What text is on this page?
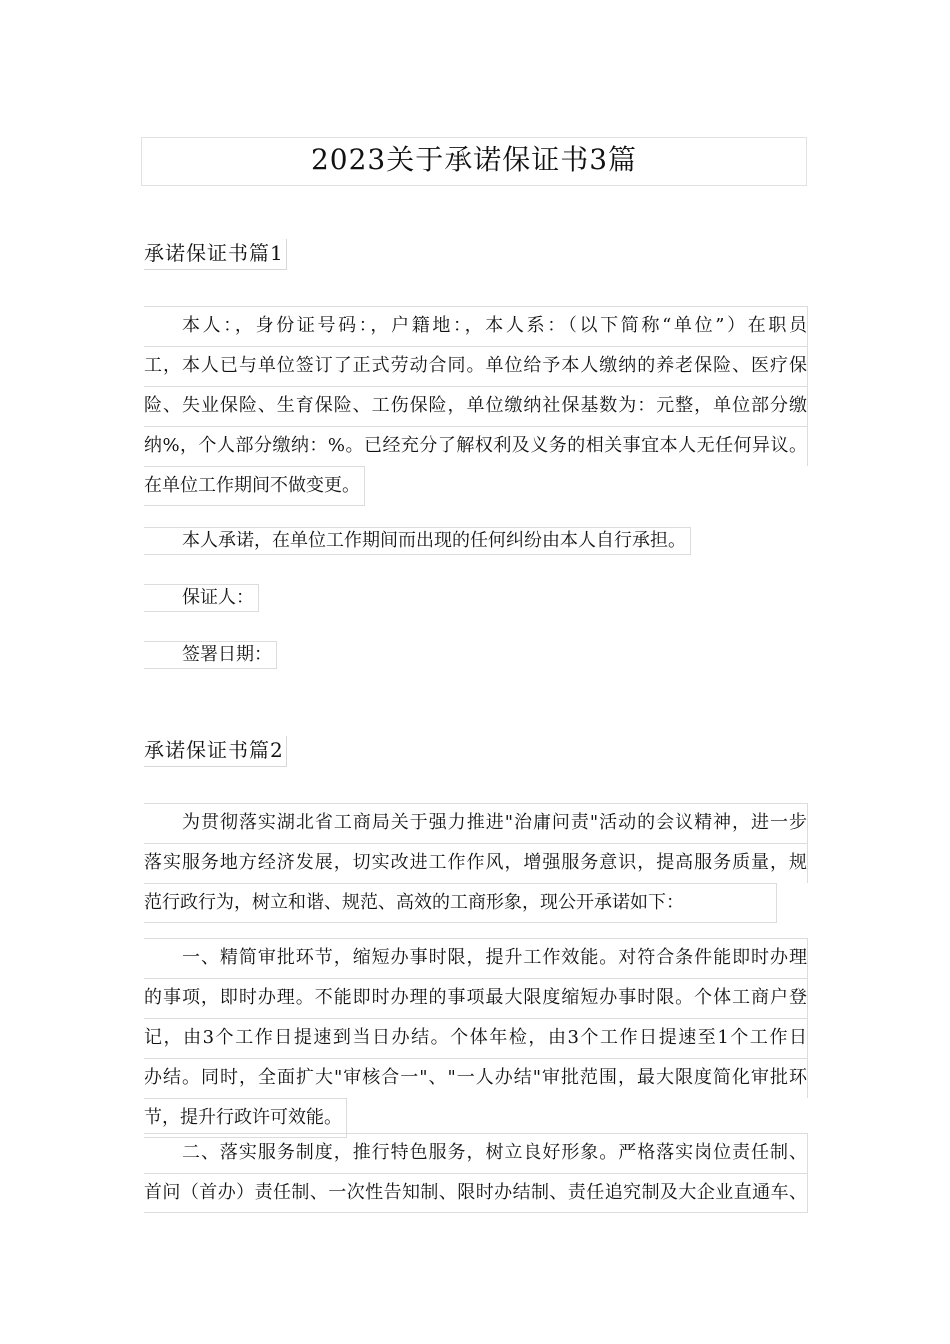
2023关于承诺保证书3篇
承诺保证书篇1
本人：，身份证号码：，户籍地：，本人系：（以下简称“单位”）在职员
工，本人已与单位签订了正式劳动合同。单位给予本人缴纳的养老保险、医疗保
险、失业保险、生育保险、工伤保险，单位缴纳社保基数为：元整，单位部分缴
纳%，个人部分缴纳：%。已经充分了解权利及义务的相关事宜本人无任何异议。
在单位工作期间不做变更。
本人承诺，在单位工作期间而出现的任何纠纷由本人自行承担。
保证人：
签署日期：
承诺保证书篇2
为贯彻落实湖北省工商局关于强力推进"治庸问责"活动的会议精神，进一步
落实服务地方经济发展，切实改进工作作风，增强服务意识，提高服务质量，规
范行政行为，树立和谐、规范、高效的工商形象，现公开承诺如下：
一、精简审批环节，缩短办事时限，提升工作效能。对符合条件能即时办理
的事项，即时办理。不能即时办理的事项最大限度缩短办事时限。个体工商户登
记，由3个工作日提速到当日办结。个体年检，由3个工作日提速至1个工作日
办结。同时，全面扩大"审核合一"、"一人办结"审批范围，最大限度简化审批环
节，提升行政许可效能。
二、落实服务制度，推行特色服务，树立良好形象。严格落实岗位责任制、
首问（首办）责任制、一次性告知制、限时办结制、责任追究制及大企业直通车、
